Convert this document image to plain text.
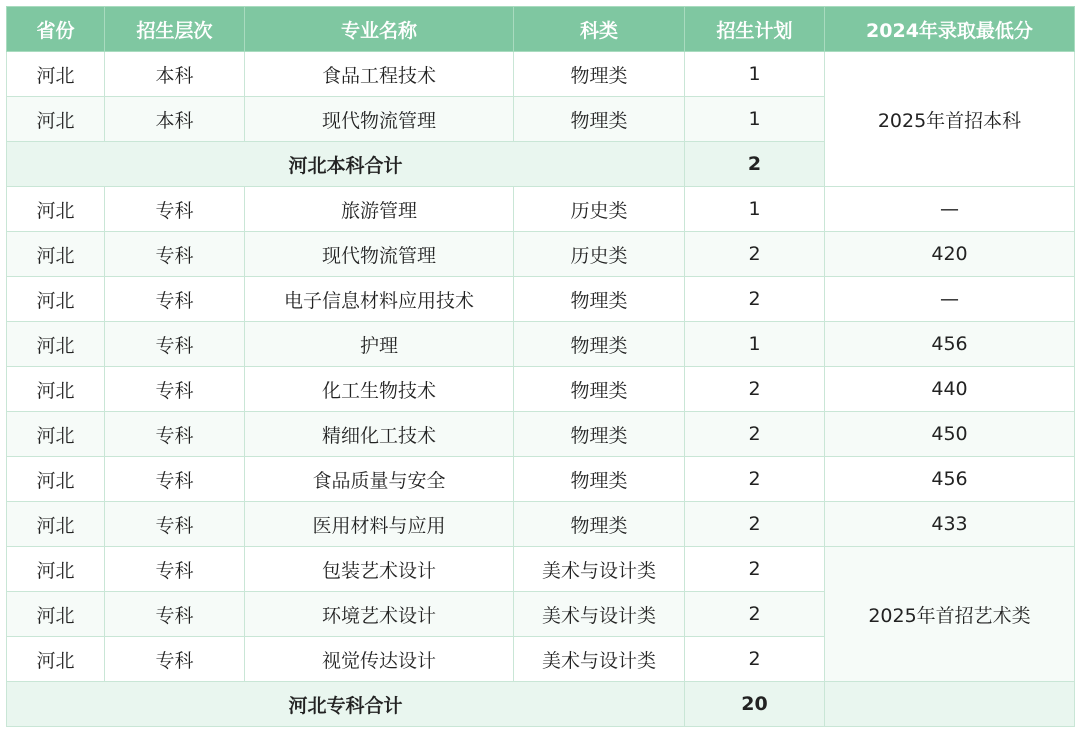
省份	招生层次	专业名称	科类	招生计划	2024年录取最低分
河北	本科	食品工程技术	物理类	1	2025年首招本科
河北	本科	现代物流管理	物理类	1	
河北本科合计				2	
河北	专科	旅游管理	历史类	1	—
河北	专科	现代物流管理	历史类	2	420
河北	专科	电子信息材料应用技术	物理类	2	—
河北	专科	护理	物理类	1	456
河北	专科	化工生物技术	物理类	2	440
河北	专科	精细化工技术	物理类	2	450
河北	专科	食品质量与安全	物理类	2	456
河北	专科	医用材料与应用	物理类	2	433
河北	专科	包装艺术设计	美术与设计类	2	2025年首招艺术类
河北	专科	环境艺术设计	美术与设计类	2	
河北	专科	视觉传达设计	美术与设计类	2	
河北专科合计				20	
